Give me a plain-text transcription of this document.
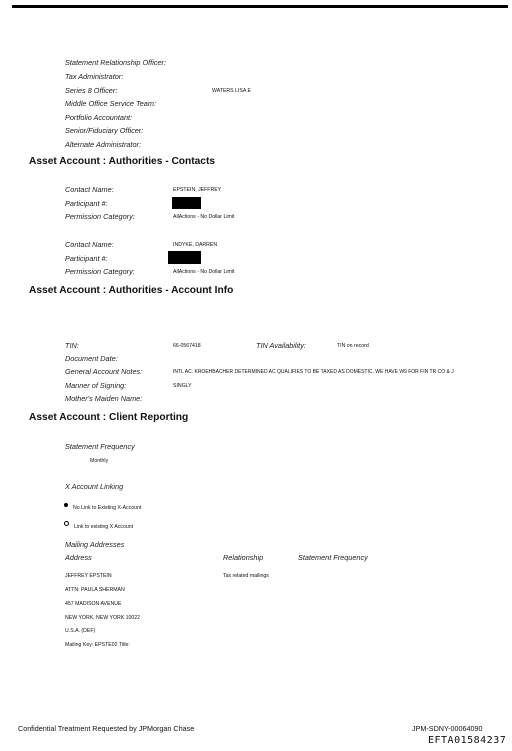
Statement Relationship Officer:
Tax Administrator:
Series 8 Officer:	WATERS LISA E
Middle Office Service Team:
Portfolio Accountant:
Senior/Fiduciary Officer:
Alternate Administrator:
Asset Account : Authorities - Contacts
Contact Name:	EPSTEIN, JEFFREY
Participant #:
Permission Category:	AllActions - No Dollar Limit
Contact Name:	INDYKE, DARREN
Participant #:
Permission Category:	AllActions - No Dollar Limit
Asset Account : Authorities - Account Info
TIN:	66-0567418	TIN Availability:	TIN on record
Document Date:
General Account Notes:	INTL AC. KROEHBACHER DETERMINED AC QUALIFIES TO BE TAXED AS DOMESTIC. WE HAVE W9 FOR FIN TR CO & J
Manner of Signing:	SINGLY
Mother's Maiden Name:
Asset Account : Client Reporting
Statement Frequency
Monthly
X Account Linking
No Link to Existing X-Account
Link to existing X Account
Mailing Addresses
Address	Relationship	Statement Frequency
JEFFREY EPSTEIN	Tax related mailings
ATTN: PAULA SHERMAN
457 MADISON AVENUE
NEW YORK, NEW YORK 10022
U.S.A. (DEF)
Mailing Key: EPSTE02 Title:
Confidential Treatment Requested by JPMorgan Chase	JPM-SDNY-00064090
EFTA01584237
